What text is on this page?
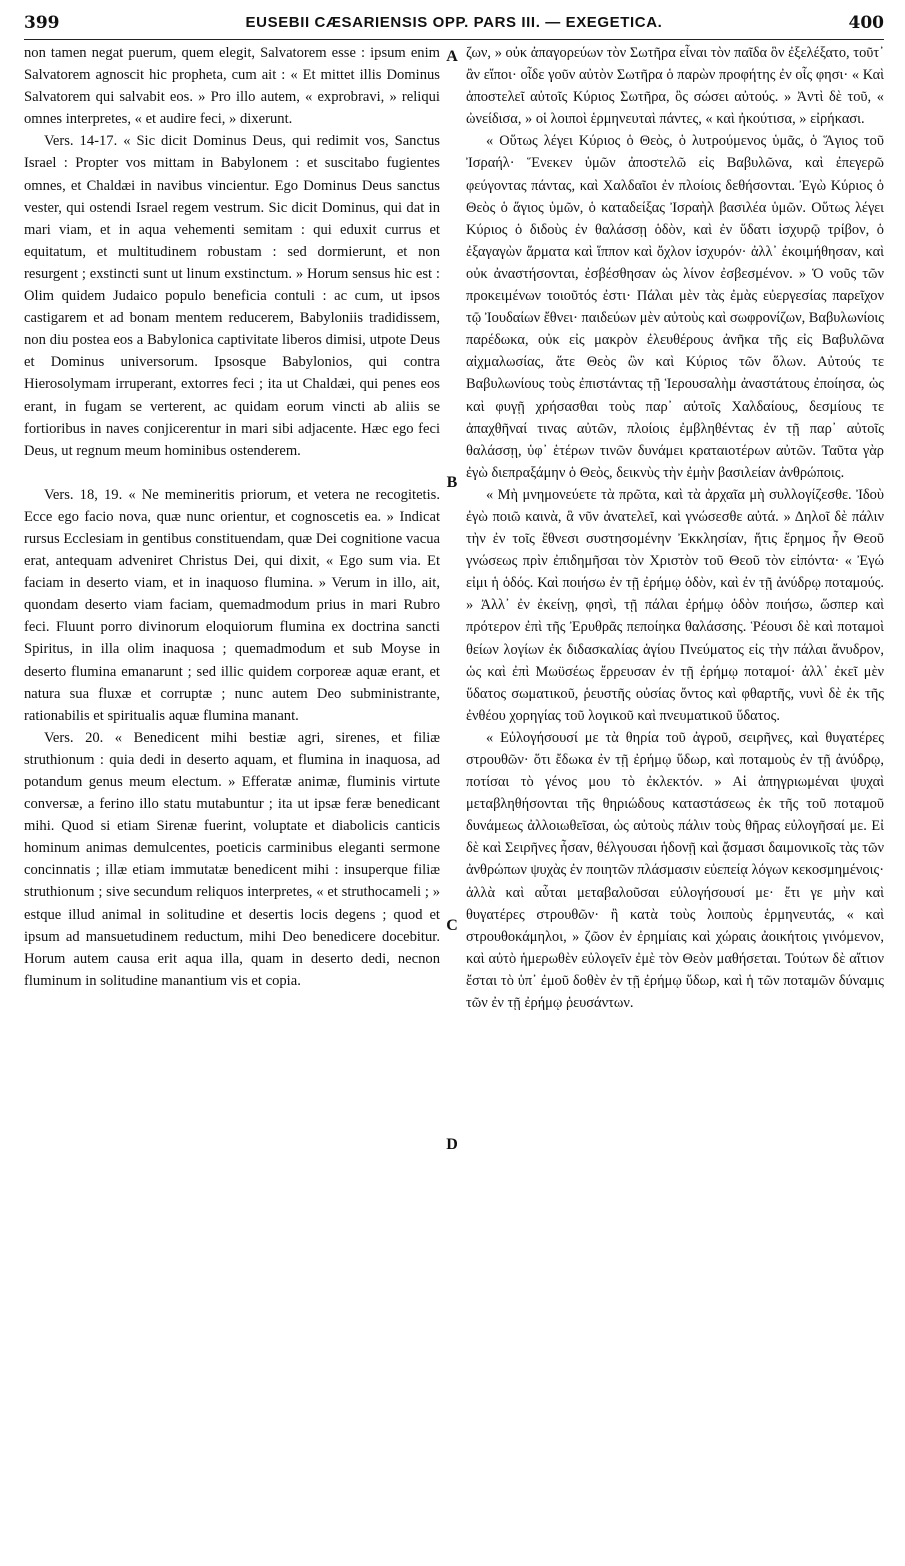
399	EUSEBII CÆSARIENSIS OPP. PARS III. — EXEGETICA.	400

non tamen negat puerum, quem elegit, Salvatorem esse : ipsum enim Salvatorem agnoscit hic propheta, cum ait : « Et mittet illis Dominus Salvatorem qui salvabit eos. » Pro illo autem, « exprobravi, » reliqui omnes interpretes, « et audire feci, » dixerunt.

Vers. 14-17. « Sic dicit Dominus Deus, qui redimit vos, Sanctus Israel : Propter vos mittam in Babylonem : et suscitabo fugientes omnes, et Chaldæi in navibus vincientur. Ego Dominus Deus sanctus vester, qui ostendi Israel regem vestrum. Sic dicit Dominus, qui dat in mari viam, et in aqua vehementi semitam : qui eduxit currus et equitatum, et multitudinem robustam : sed dormierunt, et non resurgent ; exstincti sunt ut linum exstinctum. » Horum sensus hic est : Olim quidem Judaico populo beneficia contuli : ac cum, ut ipsos castigarem et ad bonam mentem reducerem, Babyloniis tradidissem, non diu postea eos a Babylonica captivitate liberos dimisi, utpote Deus et Dominus universorum. Ipsosque Babylonios, qui contra Hierosolymam irruperant, extorres feci ; ita ut Chaldæi, qui penes eos erant, in fugam se verterent, ac quidam eorum vincti ab aliis se fortioribus in naves conjicerentur in mari sibi adjacente. Hæc ego feci Deus, ut regnum meum hominibus ostenderem.

Vers. 18, 19. « Ne memineritis priorum, et vetera ne recogitetis. Ecce ego facio nova, quæ nunc orientur, et cognoscetis ea. » Indicat rursus Ecclesiam in gentibus constituendam, quæ Dei cognitione vacua erat, antequam adveniret Christus Dei, qui dixit, « Ego sum via. Et faciam in deserto viam, et in inaquoso flumina. » Verum in illo, ait, quondam deserto viam faciam, quemadmodum prius in mari Rubro feci. Fluunt porro divinorum eloquiorum flumina ex doctrina sancti Spiritus, in illa olim inaquosa ; quemadmodum et sub Moyse in deserto flumina emanarunt ; sed illic quidem corporeæ aquæ erant, et natura sua fluxæ et corruptæ ; nunc autem Deo subministrante, rationabilis et spiritualis aquæ flumina manant.

Vers. 20. « Benedicent mihi bestiæ agri, sirenes, et filiæ struthionum : quia dedi in deserto aquam, et flumina in inaquosa, ad potandum genus meum electum. » Efferatæ animæ, fluminis virtute conversæ, a ferino illo statu mutabuntur ; ita ut ipsæ feræ benedicant mihi. Quod si etiam Sirenæ fuerint, voluptate et diabolicis canticis hominum animas demulcentes, poeticis carminibus eleganti sermone concinnatis ; illæ etiam immutatæ benedicent mihi : insuperque filiæ struthionum ; sive secundum reliquos interpretes, « et struthocameli ; » estque illud animal in solitudine et desertis locis degens ; quod et ipsum ad mansuetudinem reductum, mihi Deo benedicere docebitur. Horum autem causa erit aqua illa, quam in deserto dedi, necnon fluminum in solitudine manantium vis et copia.

A
B
C
D

ζων, » οὐκ ἀπαγορεύων τὸν Σωτῆρα εἶναι τὸν παῖδα ὃν ἐξελέξατο, τοῦτ᾽ ἂν εἴποι· οἶδε γοῦν αὐτὸν Σωτῆρα ὁ παρὼν προφήτης ἐν οἷς φησι· « Καὶ ἀποστελεῖ αὐτοῖς Κύριος Σωτῆρα, ὃς σώσει αὐτούς. » Ἀντὶ δὲ τοῦ, « ὠνείδισα, » οἱ λοιποὶ ἑρμηνευταὶ πάντες, « καὶ ἠκούτισα, » εἰρήκασι.

« Οὕτως λέγει Κύριος ὁ Θεὸς, ὁ λυτρούμενος ὑμᾶς, ὁ Ἅγιος τοῦ Ἰσραήλ· Ἕνεκεν ὑμῶν ἀποστελῶ εἰς Βαβυλῶνα, καὶ ἐπεγερῶ φεύγοντας πάντας, καὶ Χαλδαῖοι ἐν πλοίοις δεθήσονται. Ἐγὼ Κύριος ὁ Θεὸς ὁ ἅγιος ὑμῶν, ὁ καταδείξας Ἰσραὴλ βασιλέα ὑμῶν. Οὕτως λέγει Κύριος ὁ διδοὺς ἐν θαλάσσῃ ὁδὸν, καὶ ἐν ὕδατι ἰσχυρῷ τρίβον, ὁ ἐξαγαγὼν ἅρματα καὶ ἵππον καὶ ὄχλον ἰσχυρόν· ἀλλ᾽ ἐκοιμήθησαν, καὶ οὐκ ἀναστήσονται, ἐσβέσθησαν ὡς λίνον ἐσβεσμένον. » Ὁ νοῦς τῶν προκειμένων τοιοῦτός ἐστι· Πάλαι μὲν τὰς ἐμὰς εὐεργεσίας παρεῖχον τῷ Ἰουδαίων ἔθνει· παιδεύων μὲν αὐτοὺς καὶ σωφρονίζων, Βαβυλωνίοις παρέδωκα, οὐκ εἰς μακρὸν ἐλευθέρους ἀνῆκα τῆς εἰς Βαβυλῶνα αἰχμαλωσίας, ἅτε Θεὸς ὢν καὶ Κύριος τῶν ὅλων. Αὐτούς τε Βαβυλωνίους τοὺς ἐπιστάντας τῇ Ἱερουσαλὴμ ἀναστάτους ἐποίησα, ὡς καὶ φυγῇ χρήσασθαι τοὺς παρ᾽ αὐτοῖς Χαλδαίους, δεσμίους τε ἀπαχθῆναί τινας αὐτῶν, πλοίοις ἐμβληθέντας ἐν τῇ παρ᾽ αὐτοῖς θαλάσσῃ, ὑφ᾽ ἑτέρων τινῶν δυνάμει κραταιοτέρων αὐτῶν. Ταῦτα γὰρ ἐγὼ διεπραξάμην ὁ Θεὸς, δεικνὺς τὴν ἐμὴν βασιλείαν ἀνθρώποις.

« Μὴ μνημονεύετε τὰ πρῶτα, καὶ τὰ ἀρχαῖα μὴ συλλογίζεσθε. Ἰδοὺ ἐγὼ ποιῶ καινὰ, ἃ νῦν ἀνατελεῖ, καὶ γνώσεσθε αὐτά. » Δηλοῖ δὲ πάλιν τὴν ἐν τοῖς ἔθνεσι συστησομένην Ἐκκλησίαν, ἥτις ἔρημος ἦν Θεοῦ γνώσεως πρὶν ἐπιδημῆσαι τὸν Χριστὸν τοῦ Θεοῦ τὸν εἰπόντα· « Ἐγώ εἰμι ἡ ὁδός. Καὶ ποιήσω ἐν τῇ ἐρήμῳ ὁδὸν, καὶ ἐν τῇ ἀνύδρῳ ποταμούς. » Ἀλλ᾽ ἐν ἐκείνῃ, φησὶ, τῇ πάλαι ἐρήμῳ ὁδὸν ποιήσω, ὥσπερ καὶ πρότερον ἐπὶ τῆς Ἐρυθρᾶς πεποίηκα θαλάσσης. Ῥέουσι δὲ καὶ ποταμοὶ θείων λογίων ἐκ διδασκαλίας ἁγίου Πνεύματος εἰς τὴν πάλαι ἄνυδρον, ὡς καὶ ἐπὶ Μωϋσέως ἔρρευσαν ἐν τῇ ἐρήμῳ ποταμοί· ἀλλ᾽ ἐκεῖ μὲν ὕδατος σωματικοῦ, ῥευστῆς οὐσίας ὄντος καὶ φθαρτῆς, νυνὶ δὲ ἐκ τῆς ἐνθέου χορηγίας τοῦ λογικοῦ καὶ πνευματικοῦ ὕδατος.

« Εὐλογήσουσί με τὰ θηρία τοῦ ἀγροῦ, σειρῆνες, καὶ θυγατέρες στρουθῶν· ὅτι ἔδωκα ἐν τῇ ἐρήμῳ ὕδωρ, καὶ ποταμοὺς ἐν τῇ ἀνύδρῳ, ποτίσαι τὸ γένος μου τὸ ἐκλεκτόν. » Αἱ ἀπηγριωμέναι ψυχαὶ μεταβληθήσονται τῆς θηριώδους καταστάσεως ἐκ τῆς τοῦ ποταμοῦ δυνάμεως ἀλλοιωθεῖσαι, ὡς αὐτοὺς πάλιν τοὺς θῆρας εὐλογῆσαί με. Εἰ δὲ καὶ Σειρῆνες ἦσαν, θέλγουσαι ἡδονῇ καὶ ᾄσμασι δαιμονικοῖς τὰς τῶν ἀνθρώπων ψυχὰς ἐν ποιητῶν πλάσμασιν εὐεπείᾳ λόγων κεκοσμημένοις· ἀλλὰ καὶ αὗται μεταβαλοῦσαι εὐλογήσουσί με· ἔτι γε μὴν καὶ θυγατέρες στρουθῶν· ἢ κατὰ τοὺς λοιποὺς ἑρμηνευτάς, « καὶ στρουθοκάμηλοι, » ζῶον ἐν ἐρημίαις καὶ χώραις ἀοικήτοις γινόμενον, καὶ αὐτὸ ἡμερωθὲν εὐλογεῖν ἐμὲ τὸν Θεὸν μαθήσεται. Τούτων δὲ αἴτιον ἔσται τὸ ὑπ᾽ ἐμοῦ δοθὲν ἐν τῇ ἐρήμῳ ὕδωρ, καὶ ἡ τῶν ποταμῶν δύναμις τῶν ἐν τῇ ἐρήμῳ ῥευσάντων.
